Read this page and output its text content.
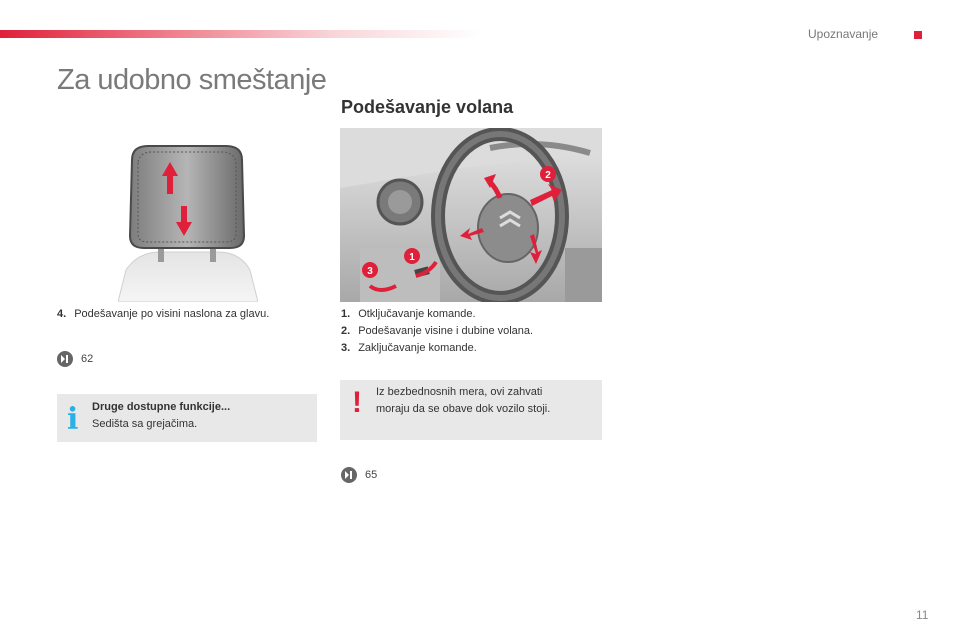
Upoznavanje
Za udobno smeštanje
Podešavanje volana
4. Podešavanje po visini naslona za glavu.
62
i Druge dostupne funkcije...
Sedišta sa grejačima.
1
2
3
1. Otključavanje komande.
2. Podešavanje visine i dubine volana.
3. Zaključavanje komande.
! Iz bezbednosnih mera, ovi zahvati
moraju da se obave dok vozilo stoji.
65
11
